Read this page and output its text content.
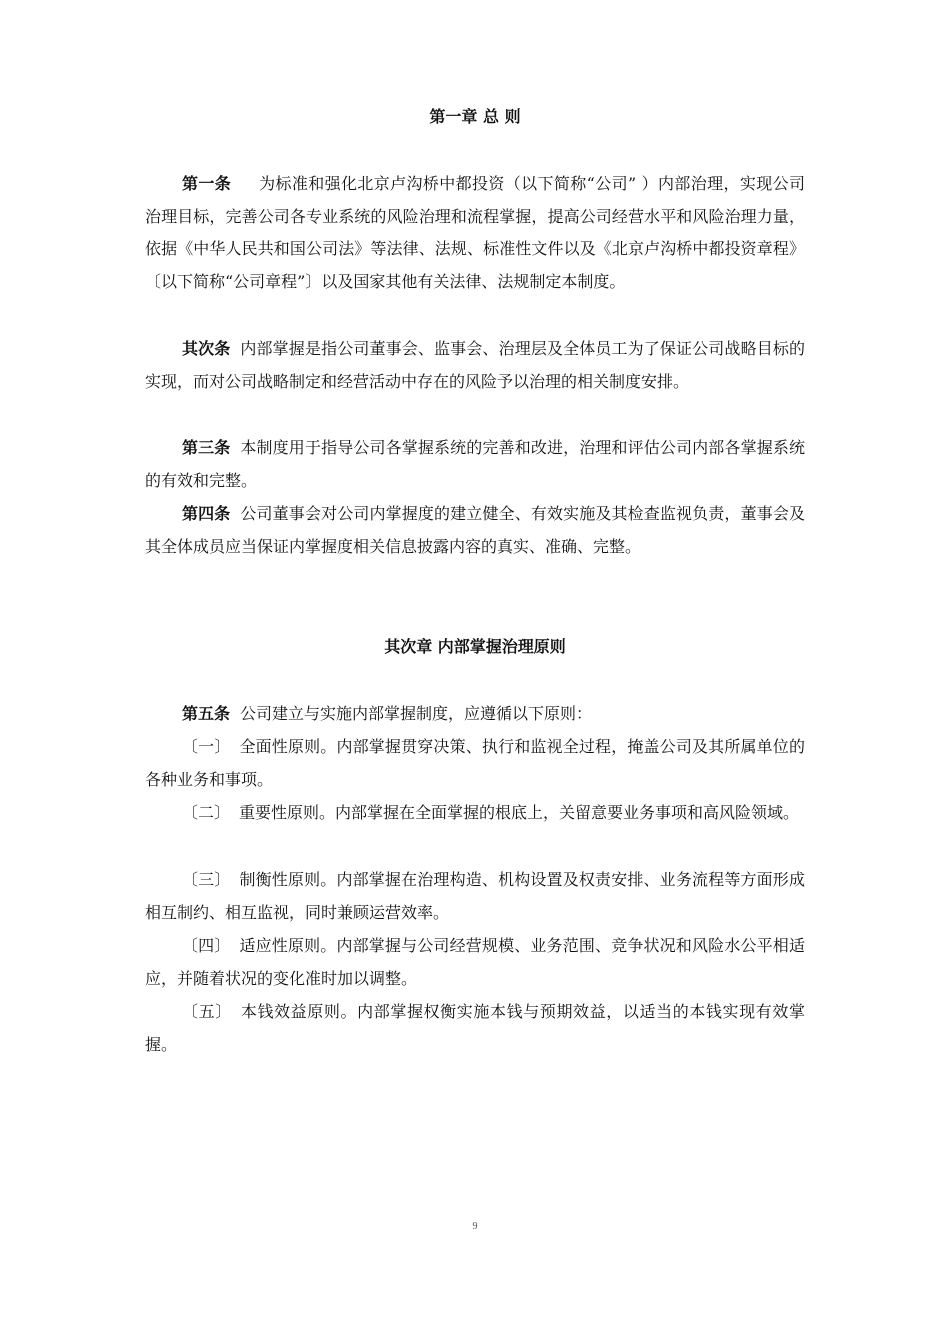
第一章 总 则
第一条 为标准和强化北京卢沟桥中都投资（以下简称“公司” ）内部治理，实现公司治理目标，完善公司各专业系统的风险治理和流程掌握，提高公司经营水平和风险治理力量，依据《中华人民共和国公司法》等法律、法规、标准性文件以及《北京卢沟桥中都投资章程》〔以下简称“公司章程”〕以及国家其他有关法律、法规制定本制度。
其次条 内部掌握是指公司董事会、监事会、治理层及全体员工为了保证公司战略目标的实现，而对公司战略制定和经营活动中存在的风险予以治理的相关制度安排。
第三条 本制度用于指导公司各掌握系统的完善和改进，治理和评估公司内部各掌握系统的有效和完整。
第四条 公司董事会对公司内掌握度的建立健全、有效实施及其检查监视负责，董事会及其全体成员应当保证内掌握度相关信息披露内容的真实、准确、完整。
其次章 内部掌握治理原则
第五条 公司建立与实施内部掌握制度，应遵循以下原则：
〔一〕 全面性原则。内部掌握贯穿决策、执行和监视全过程，掩盖公司及其所属单位的各种业务和事项。
〔二〕 重要性原则。内部掌握在全面掌握的根底上，关留意要业务事项和高风险领域。
〔三〕 制衡性原则。内部掌握在治理构造、机构设置及权责安排、业务流程等方面形成相互制约、相互监视，同时兼顾运营效率。
〔四〕 适应性原则。内部掌握与公司经营规模、业务范围、竞争状况和风险水公平相适应，并随着状况的变化准时加以调整。
〔五〕 本钱效益原则。内部掌握权衡实施本钱与预期效益，以适当的本钱实现有效掌握。
9
